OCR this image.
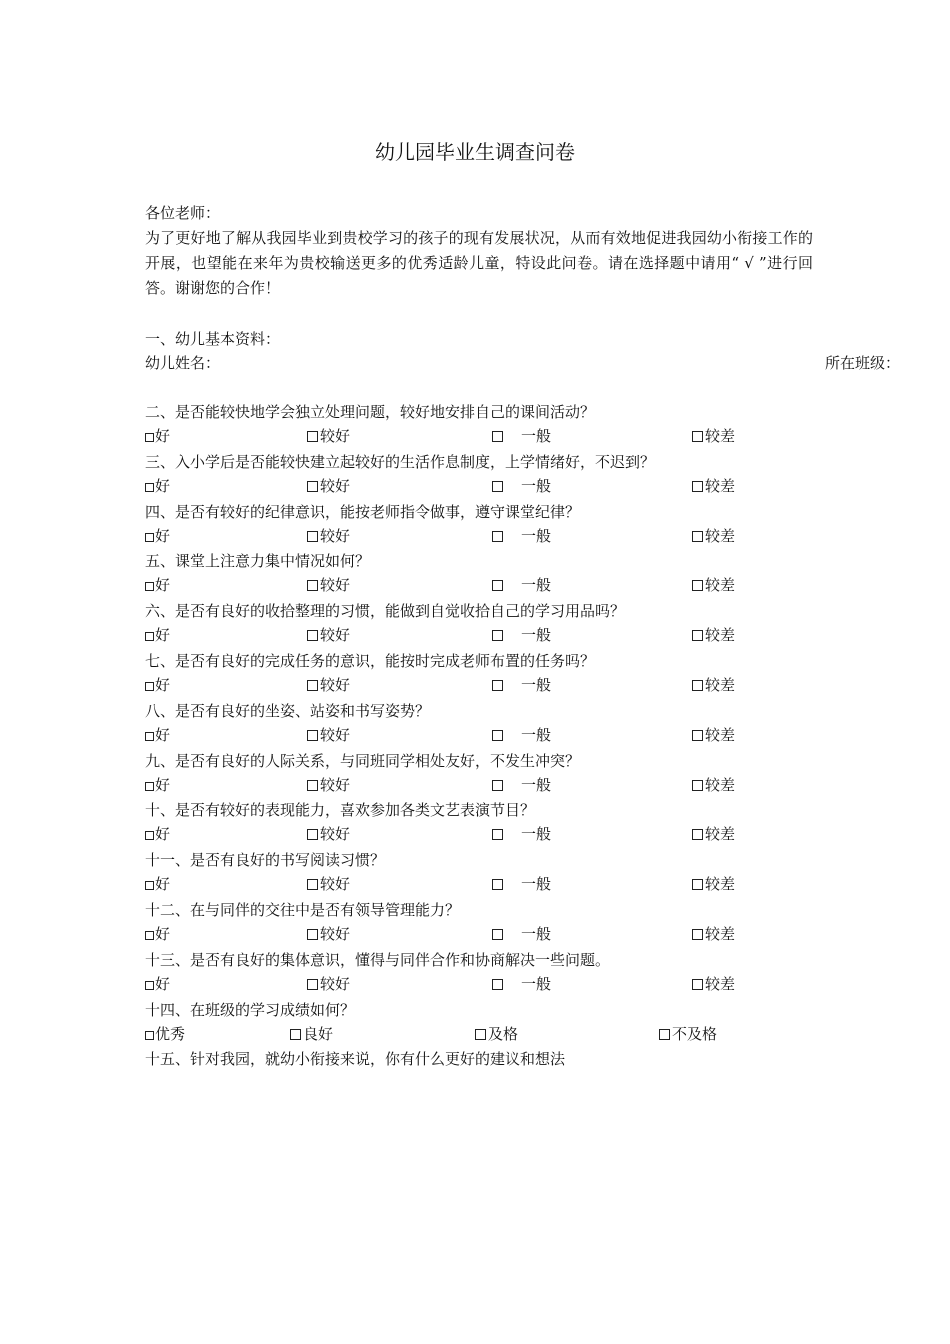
幼儿园毕业生调查问卷
各位老师：
为了更好地了解从我园毕业到贵校学习的孩子的现有发展状况，从而有效地促进我园幼小衔接工作的开展，也望能在来年为贵校输送更多的优秀适龄儿童，特设此问卷。请在选择题中请用“ √ ”进行回答。谢谢您的合作！
一、幼儿基本资料：
幼儿姓名：	所在班级：
二、是否能较快地学会独立处理问题，较好地安排自己的课间活动？
好	较好	一般	较差
三、入小学后是否能较快建立起较好的生活作息制度，上学情绪好，不迟到？
好	较好	一般	较差
四、是否有较好的纪律意识，能按老师指令做事，遵守课堂纪律？
好	较好	一般	较差
五、课堂上注意力集中情况如何？
好	较好	一般	较差
六、是否有良好的收拾整理的习惯，能做到自觉收拾自己的学习用品吗？
好	较好	一般	较差
七、是否有良好的完成任务的意识，能按时完成老师布置的任务吗？
好	较好	一般	较差
八、是否有良好的坐姿、站姿和书写姿势？
好	较好	一般	较差
九、是否有良好的人际关系，与同班同学相处友好，不发生冲突？
好	较好	一般	较差
十、是否有较好的表现能力，喜欢参加各类文艺表演节目？
好	较好	一般	较差
十一、是否有良好的书写阅读习惯？
好	较好	一般	较差
十二、在与同伴的交往中是否有领导管理能力？
好	较好	一般	较差
十三、是否有良好的集体意识，懂得与同伴合作和协商解决一些问题。
好	较好	一般	较差
十四、在班级的学习成绩如何？
优秀	良好	及格	不及格
十五、针对我园，就幼小衔接来说，你有什么更好的建议和想法
